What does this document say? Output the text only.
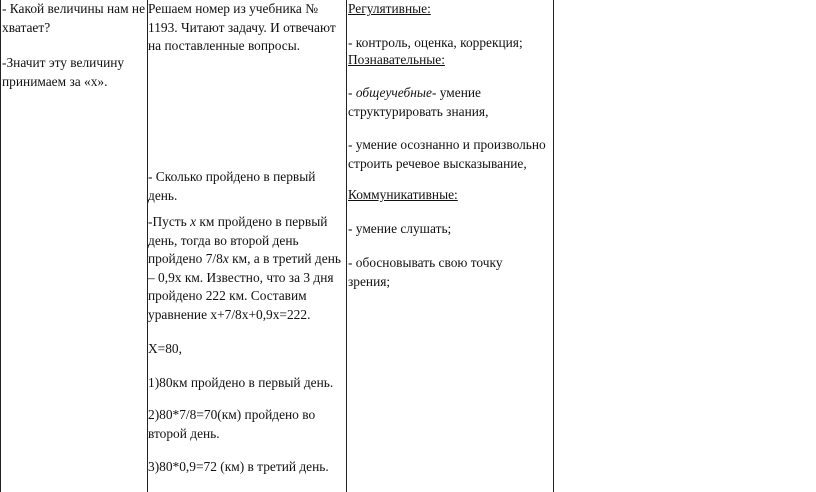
- Какой величины нам не
хватает?

-Значит эту величину
принимаем за «х».

Решаем номер из учебника №
1193. Читают задачу. И отвечают
на поставленные вопросы.

- Сколько пройдено в первый
день.

-Пусть x км пройдено в первый
день, тогда во второй день
пройдено 7/8x км, а в третий день
– 0,9х км. Известно, что за 3 дня
пройдено 222 км. Составим
уравнение х+7/8х+0,9х=222.

Х=80,

1)80км пройдено в первый день.

2)80*7/8=70(км) пройдено во
второй день.

3)80*0,9=72 (км) в третий день.

Регулятивные:

- контроль, оценка, коррекция;

Познавательные:

- общеучебные- умение
структурировать знания,

- умение осознанно и произвольно
строить речевое высказывание,

Коммуникативные:

- умение слушать;

- обосновывать свою точку
зрения;
